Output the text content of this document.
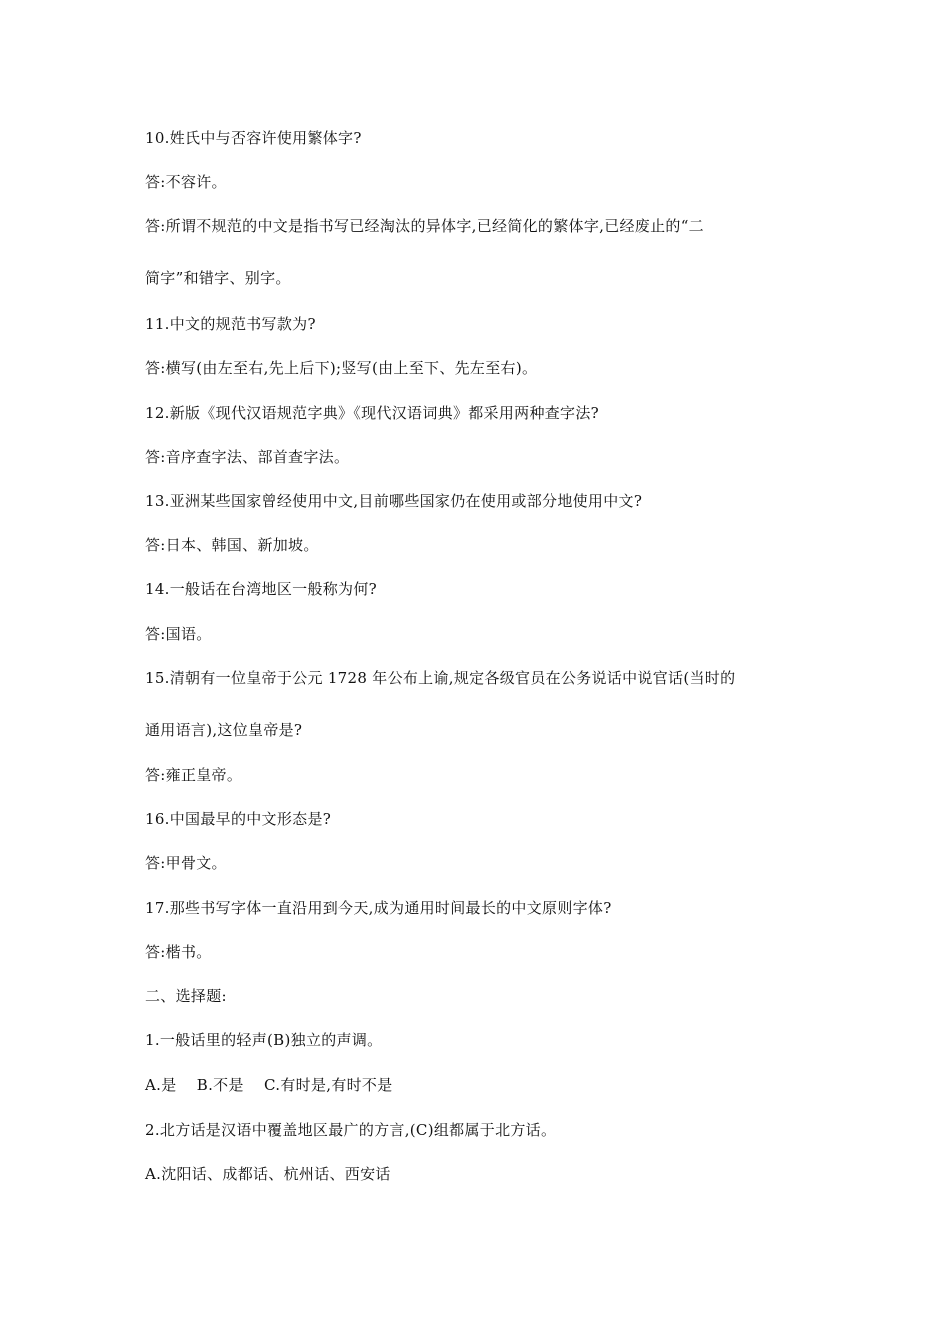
10.姓氏中与否容许使用繁体字?
答:不容许。
答:所谓不规范的中文是指书写已经淘汰的异体字,已经简化的繁体字,已经废止的“二
简字”和错字、别字。
11.中文的规范书写款为?
答:横写(由左至右,先上后下);竖写(由上至下、先左至右)。
12.新版《现代汉语规范字典》《现代汉语词典》都采用两种查字法?
答:音序查字法、部首查字法。
13.亚洲某些国家曾经使用中文,目前哪些国家仍在使用或部分地使用中文?
答:日本、韩国、新加坡。
14.一般话在台湾地区一般称为何?
答:国语。
15.清朝有一位皇帝于公元 1728 年公布上谕,规定各级官员在公务说话中说官话(当时的
通用语言),这位皇帝是?
答:雍正皇帝。
16.中国最早的中文形态是?
答:甲骨文。
17.那些书写字体一直沿用到今天,成为通用时间最长的中文原则字体?
答:楷书。
二、选择题:
1.一般话里的轻声(B)独立的声调。
A.是    B.不是    C.有时是,有时不是
2.北方话是汉语中覆盖地区最广的方言,(C)组都属于北方话。
A.沈阳话、成都话、杭州话、西安话
